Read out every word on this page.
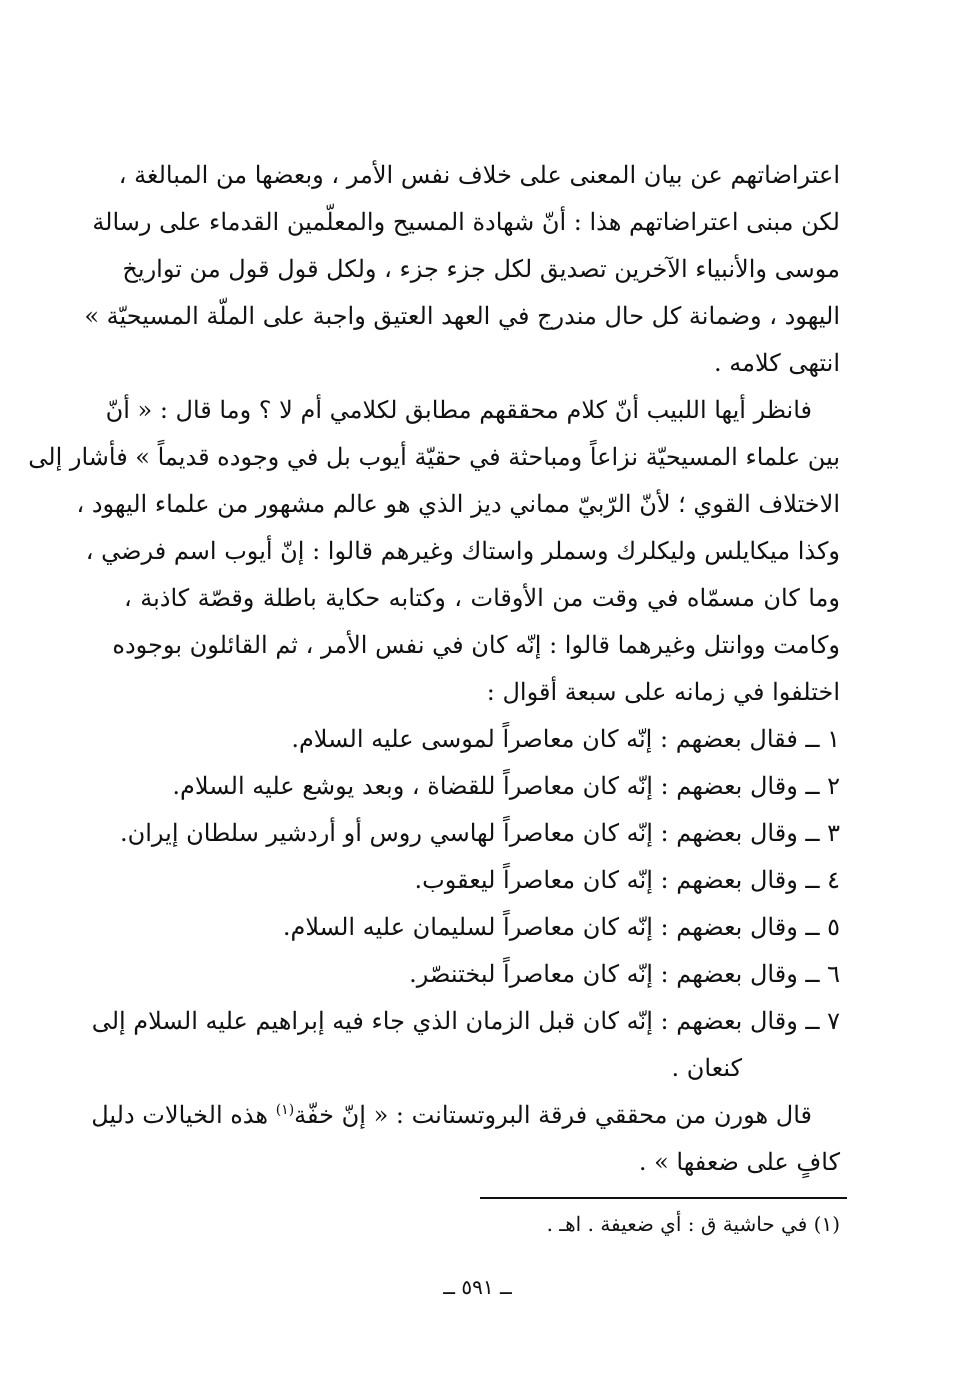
اعتراضاتهم عن بيان المعنى على خلاف نفس الأمر ، وبعضها من المبالغة ،
لكن مبنى اعتراضاتهم هذا : أنّ شهادة المسيح والمعلّمين القدماء على رسالة
موسى والأنبياء الآخرين تصديق لكل جزء جزء ، ولكل قول قول من تواريخ
اليهود ، وضمانة كل حال مندرج في العهد العتيق واجبة على الملّة المسيحيّة »
انتهى كلامه .
فانظر أيها اللبيب أنّ كلام محققهم مطابق لكلامي أم لا ؟ وما قال : « أنّ
بين علماء المسيحيّة نزاعاً ومباحثة في حقيّة أيوب بل في وجوده قديماً » فأشار إلى
الاختلاف القوي ؛ لأنّ الرّبيّ مماني ديز الذي هو عالم مشهور من علماء اليهود ،
وكذا ميكايلس وليكلرك وسملر واستاك وغيرهم قالوا : إنّ أيوب اسم فرضي ،
وما كان مسمّاه في وقت من الأوقات ، وكتابه حكاية باطلة وقصّة كاذبة ،
وكامت ووانتل وغيرهما قالوا : إنّه كان في نفس الأمر ، ثم القائلون بوجوده
اختلفوا في زمانه على سبعة أقوال :
١ ــ فقال بعضهم : إنّه كان معاصراً لموسى عليه السلام.
٢ ــ وقال بعضهم : إنّه كان معاصراً للقضاة ، وبعد يوشع عليه السلام.
٣ ــ وقال بعضهم : إنّه كان معاصراً لهاسي روس أو أردشير سلطان إيران.
٤ ــ وقال بعضهم : إنّه كان معاصراً ليعقوب.
٥ ــ وقال بعضهم : إنّه كان معاصراً لسليمان عليه السلام.
٦ ــ وقال بعضهم : إنّه كان معاصراً لبختنصّر.
٧ ــ وقال بعضهم : إنّه كان قبل الزمان الذي جاء فيه إبراهيم عليه السلام إلى
كنعان .
قال هورن من محققي فرقة البروتستانت : « إنّ خفّة$^{(١)}$ هذه الخيالات دليل
كافٍ على ضعفها » .
(١) في حاشية ق : أي ضعيفة . اهـ .
ــ ٥٩١ ــ
